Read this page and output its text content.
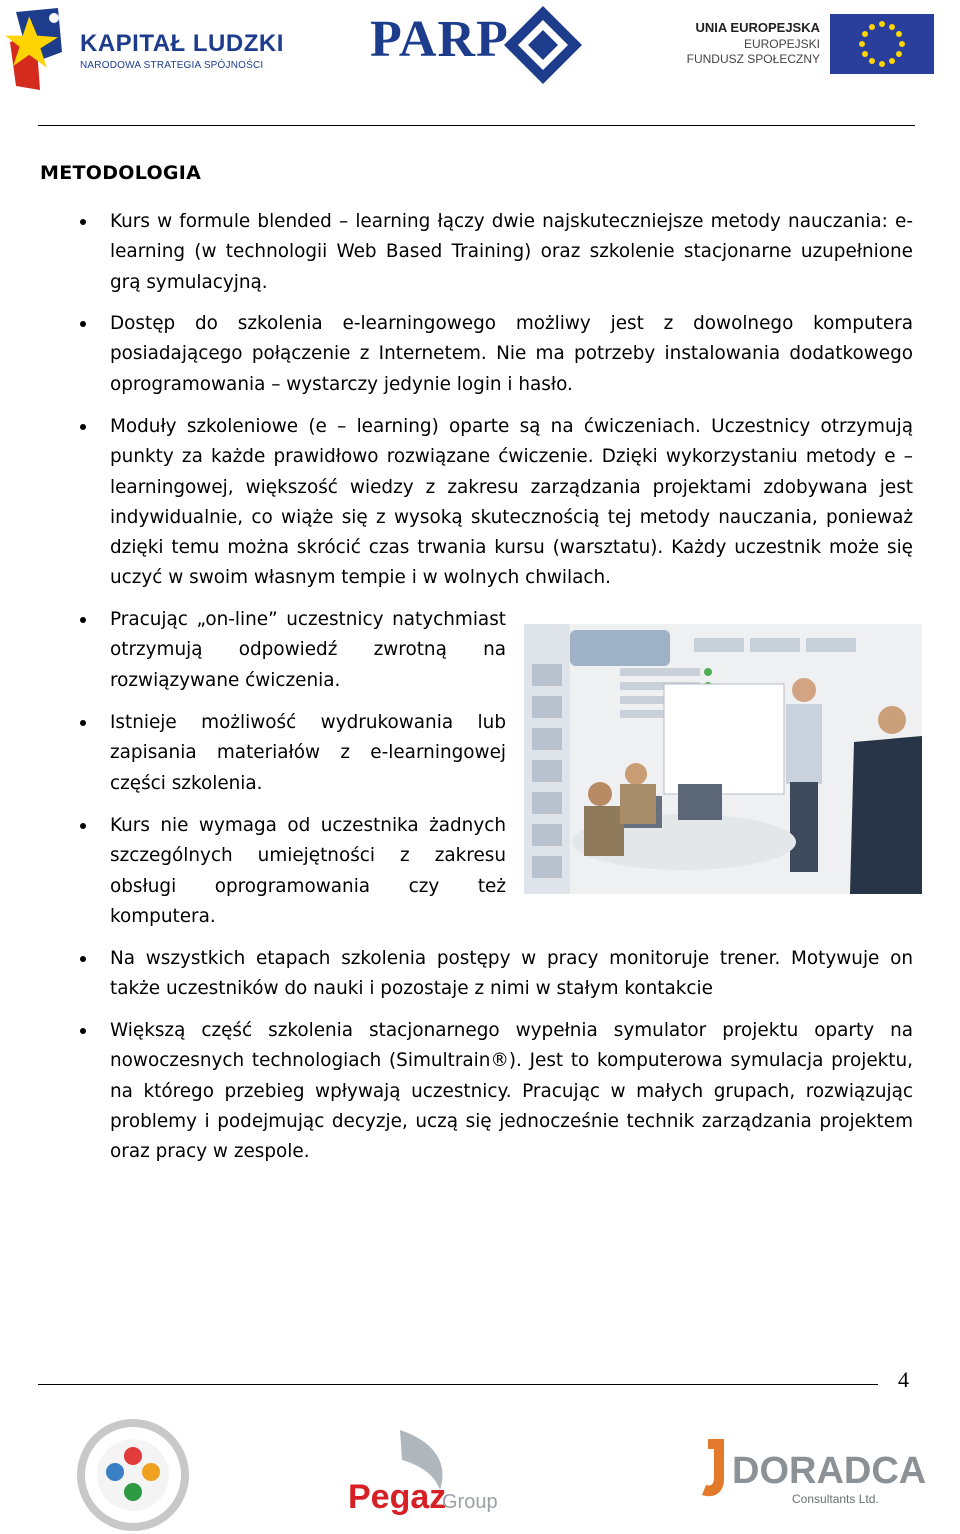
KAPITAŁ LUDZKI
NARODOWA STRATEGIA SPÓJNOŚCI PARP	UNIA EUROPEJSKA
EUROPEJSKI
FUNDUSZ SPOŁECZNY
METODOLOGIA
Kurs w formule blended – learning łączy dwie najskuteczniejsze metody nauczania: e-learning (w technologii Web Based Training) oraz szkolenie stacjonarne uzupełnione grą symulacyjną.
Dostęp do szkolenia e-learningowego możliwy jest z dowolnego komputera posiadającego połączenie z Internetem. Nie ma potrzeby instalowania dodatkowego oprogramowania – wystarczy jedynie login i hasło.
Moduły szkoleniowe (e – learning) oparte są na ćwiczeniach. Uczestnicy otrzymują punkty za każde prawidłowo rozwiązane ćwiczenie. Dzięki wykorzystaniu metody e – learningowej, większość wiedzy z zakresu zarządzania projektami zdobywana jest indywidualnie, co wiąże się z wysoką skutecznością tej metody nauczania, ponieważ dzięki temu można skrócić czas trwania kursu (warsztatu). Każdy uczestnik może się uczyć w swoim własnym tempie i w wolnych chwilach.
Pracując „on-line” uczestnicy natychmiast otrzymują odpowiedź zwrotną na rozwiązywane ćwiczenia.
Istnieje możliwość wydrukowania lub zapisania materiałów z e-learningowej części szkolenia.
Kurs nie wymaga od uczestnika żadnych szczególnych umiejętności z zakresu obsługi oprogramowania czy też komputera.
Na wszystkich etapach szkolenia postępy w pracy monitoruje trener. Motywuje on także uczestników do nauki i pozostaje z nimi w stałym kontakcie
Większą część szkolenia stacjonarnego wypełnia symulator projektu oparty na nowoczesnych technologiach (Simultrain®). Jest to komputerowa symulacja projektu, na którego przebieg wpływają uczestnicy. Pracując w małych grupach, rozwiązując problemy i podejmując decyzje, uczą się jednocześnie technik zarządzania projektem oraz pracy w zespole.
4
Pegaz
Group
DORADCA
Consultants Ltd.
